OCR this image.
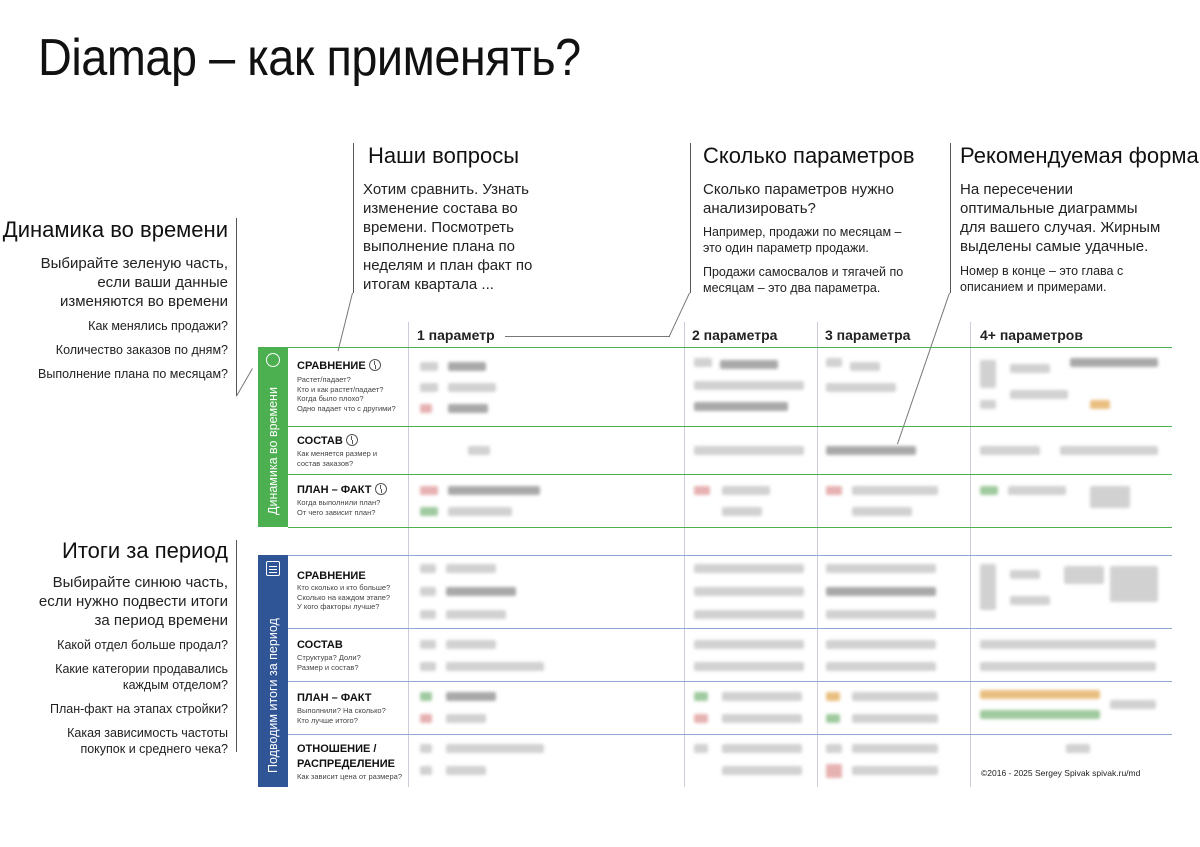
Diamap – как применять?
Наши вопросы
Хотим сравнить. Узнать
изменение состава во
времени. Посмотреть
выполнение плана по
неделям и план факт по
итогам квартала ...
Сколько параметров
Сколько параметров нужно
анализировать?
Например, продажи по месяцам –
это один параметр продажи.
Продажи самосвалов и тягачей по
месяцам – это два параметра.
Рекомендуемая форма
На пересечении
оптимальные диаграммы
для вашего случая. Жирным
выделены самые удачные.
Номер в конце – это глава с
описанием и примерами.
Динамика во времени
Выбирайте зеленую часть,
если ваши данные
изменяются во времени
Как менялись продажи?
Количество заказов по дням?
Выполнение плана по месяцам?
Итоги за период
Выбирайте синюю часть,
если нужно подвести итоги
за период времени
Какой отдел больше продал?
Какие категории продавались
каждым отделом?
План-факт на этапах стройки?
Какая зависимость частоты
покупок и среднего чека?
1 параметр	2 параметра	3 параметра	4+ параметров
Динамика во времени
СРАВНЕНИЕ
Растет/падает?
Кто и как растет/падает?
Когда было плохо?
Одно падает что с другими?
СОСТАВ
Как меняется размер и
состав заказов?
ПЛАН – ФАКТ
Когда выполнили план?
От чего зависит план?
Подводим итоги за период
СРАВНЕНИЕ
Кто сколько и кто больше?
Сколько на каждом этапе?
У кого факторы лучше?
СОСТАВ
Структура? Доли?
Размер и состав?
ПЛАН – ФАКТ
Выполнили? На сколько?
Кто лучше итого?
ОТНОШЕНИЕ /
РАСПРЕДЕЛЕНИЕ
Как зависит цена от размера?	©2016 - 2025 Sergey Spivak spivak.ru/md
